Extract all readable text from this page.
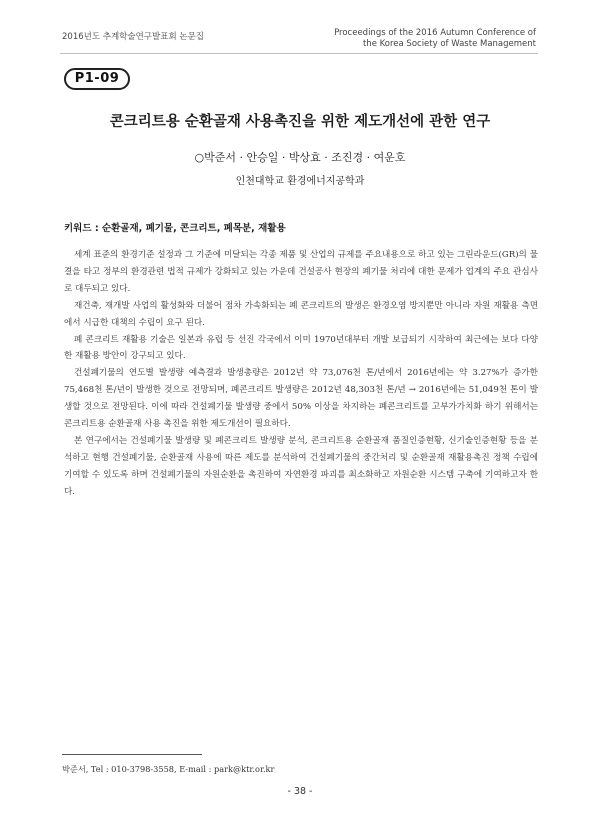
2016년도 추계학술연구발표회 논문집	Proceedings of the 2016 Autumn Conference of
the Korea Society of Waste Management
P1-09
콘크리트용 순환골재 사용촉진을 위한 제도개선에 관한 연구
○박준서 · 안승일 · 박상효 · 조진경 · 여운호
인천대학교 환경에너지공학과
키워드 : 순환골재, 폐기물, 콘크리트, 폐목분, 재활용

세계 표준의 환경기준 설정과 그 기준에 미달되는 각종 제품 및 산업의 규제를 주요내용으로 하고 있는 그린라운드(GR)의 물결을 타고 정부의 환경관련 법적 규제가 강화되고 있는 가운데 건설공사 현장의 폐기물 처리에 대한 문제가 업계의 주요 관심사로 대두되고 있다.

재건축, 재개발 사업의 활성화와 더불어 점차 가속화되는 폐 콘크리트의 발생은 환경오염 방지뿐만 아니라 자원 재활용 측면에서 시급한 대책의 수립이 요구 된다.

폐 콘크리트 재활용 기술은 일본과 유럽 등 선진 각국에서 이미 1970년대부터 개발 보급되기 시작하여 최근에는 보다 다양한 재활용 방안이 강구되고 있다.

건설폐기물의 연도별 발생량 예측결과 발생총량은 2012년 약 73,076천 톤/년에서 2016년에는 약 3.27%가 증가한 75,468천 톤/년이 발생한 것으로 전망되며, 폐콘크리트 발생량은 2012년 48,303천 톤/년 → 2016년에는 51,049천 톤이 발생할 것으로 전망된다. 이에 따라 건설폐기물 발생량 중에서 50% 이상을 차지하는 폐콘크리트를 고부가가치화 하기 위해서는 콘크리트용 순환골재 사용 촉진을 위한 제도개선이 필요하다.

본 연구에서는 건설폐기물 발생량 및 폐콘크리트 발생량 분석, 콘크리트용 순환골재 품질인증현황, 신기술인증현황 등을 분석하고 현행 건설폐기물, 순환골재 사용에 따른 제도를 분석하여 건설폐기물의 중간처리 및 순환골재 재활용촉진 정책 수립에 기여할 수 있도록 하며 건설폐기물의 자원순환을 촉진하여 자연환경 파괴를 최소화하고 자원순환 시스템 구축에 기여하고자 한다.

박준서, Tel : 010-3798-3558, E-mail : park@ktr.or.kr
- 38 -
